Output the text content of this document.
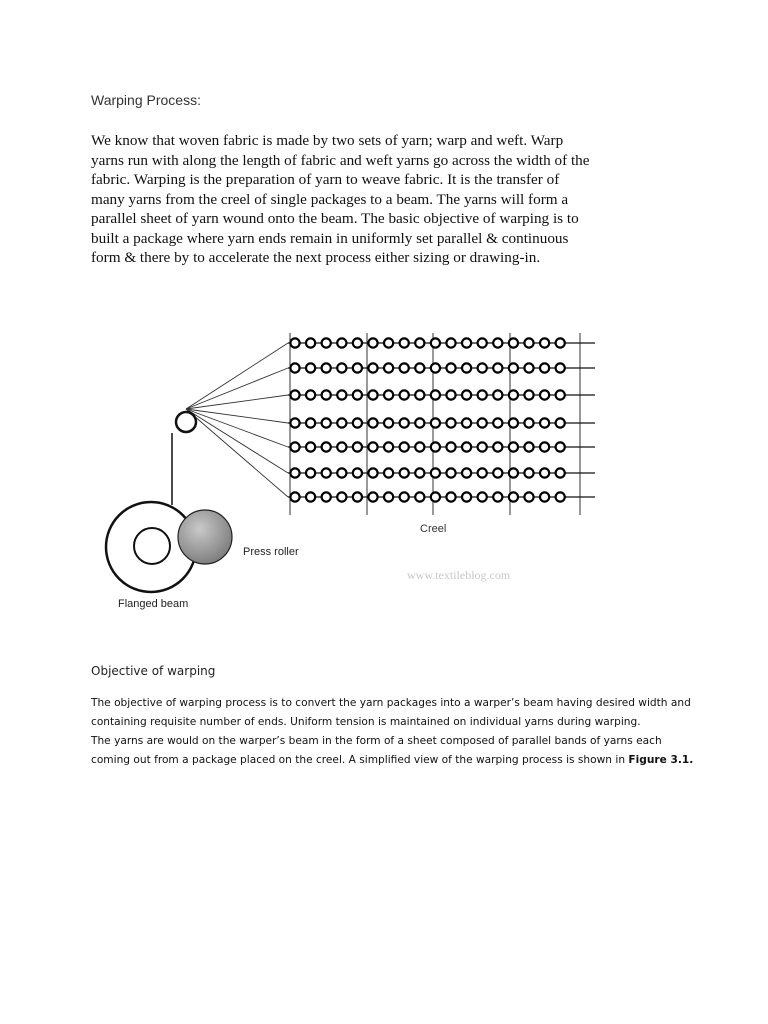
Warping Process:
We know that woven fabric is made by two sets of yarn; warp and weft. Warp
yarns run with along the length of fabric and weft yarns go across the width of the
fabric. Warping is the preparation of yarn to weave fabric. It is the transfer of
many yarns from the creel of single packages to a beam. The yarns will form a
parallel sheet of yarn wound onto the beam. The basic objective of warping is to
built a package where yarn ends remain in uniformly set parallel & continuous
form & there by to accelerate the next process either sizing or drawing-in.
Creel
Press roller
Flanged beam
www.textileblog.com
Objective of warping
The objective of warping process is to convert the yarn packages into a warper’s beam having desired width and
containing requisite number of ends. Uniform tension is maintained on individual yarns during warping.
The yarns are would on the warper’s beam in the form of a sheet composed of parallel bands of yarns each
coming out from a package placed on the creel. A simplified view of the warping process is shown in Figure 3.1.
